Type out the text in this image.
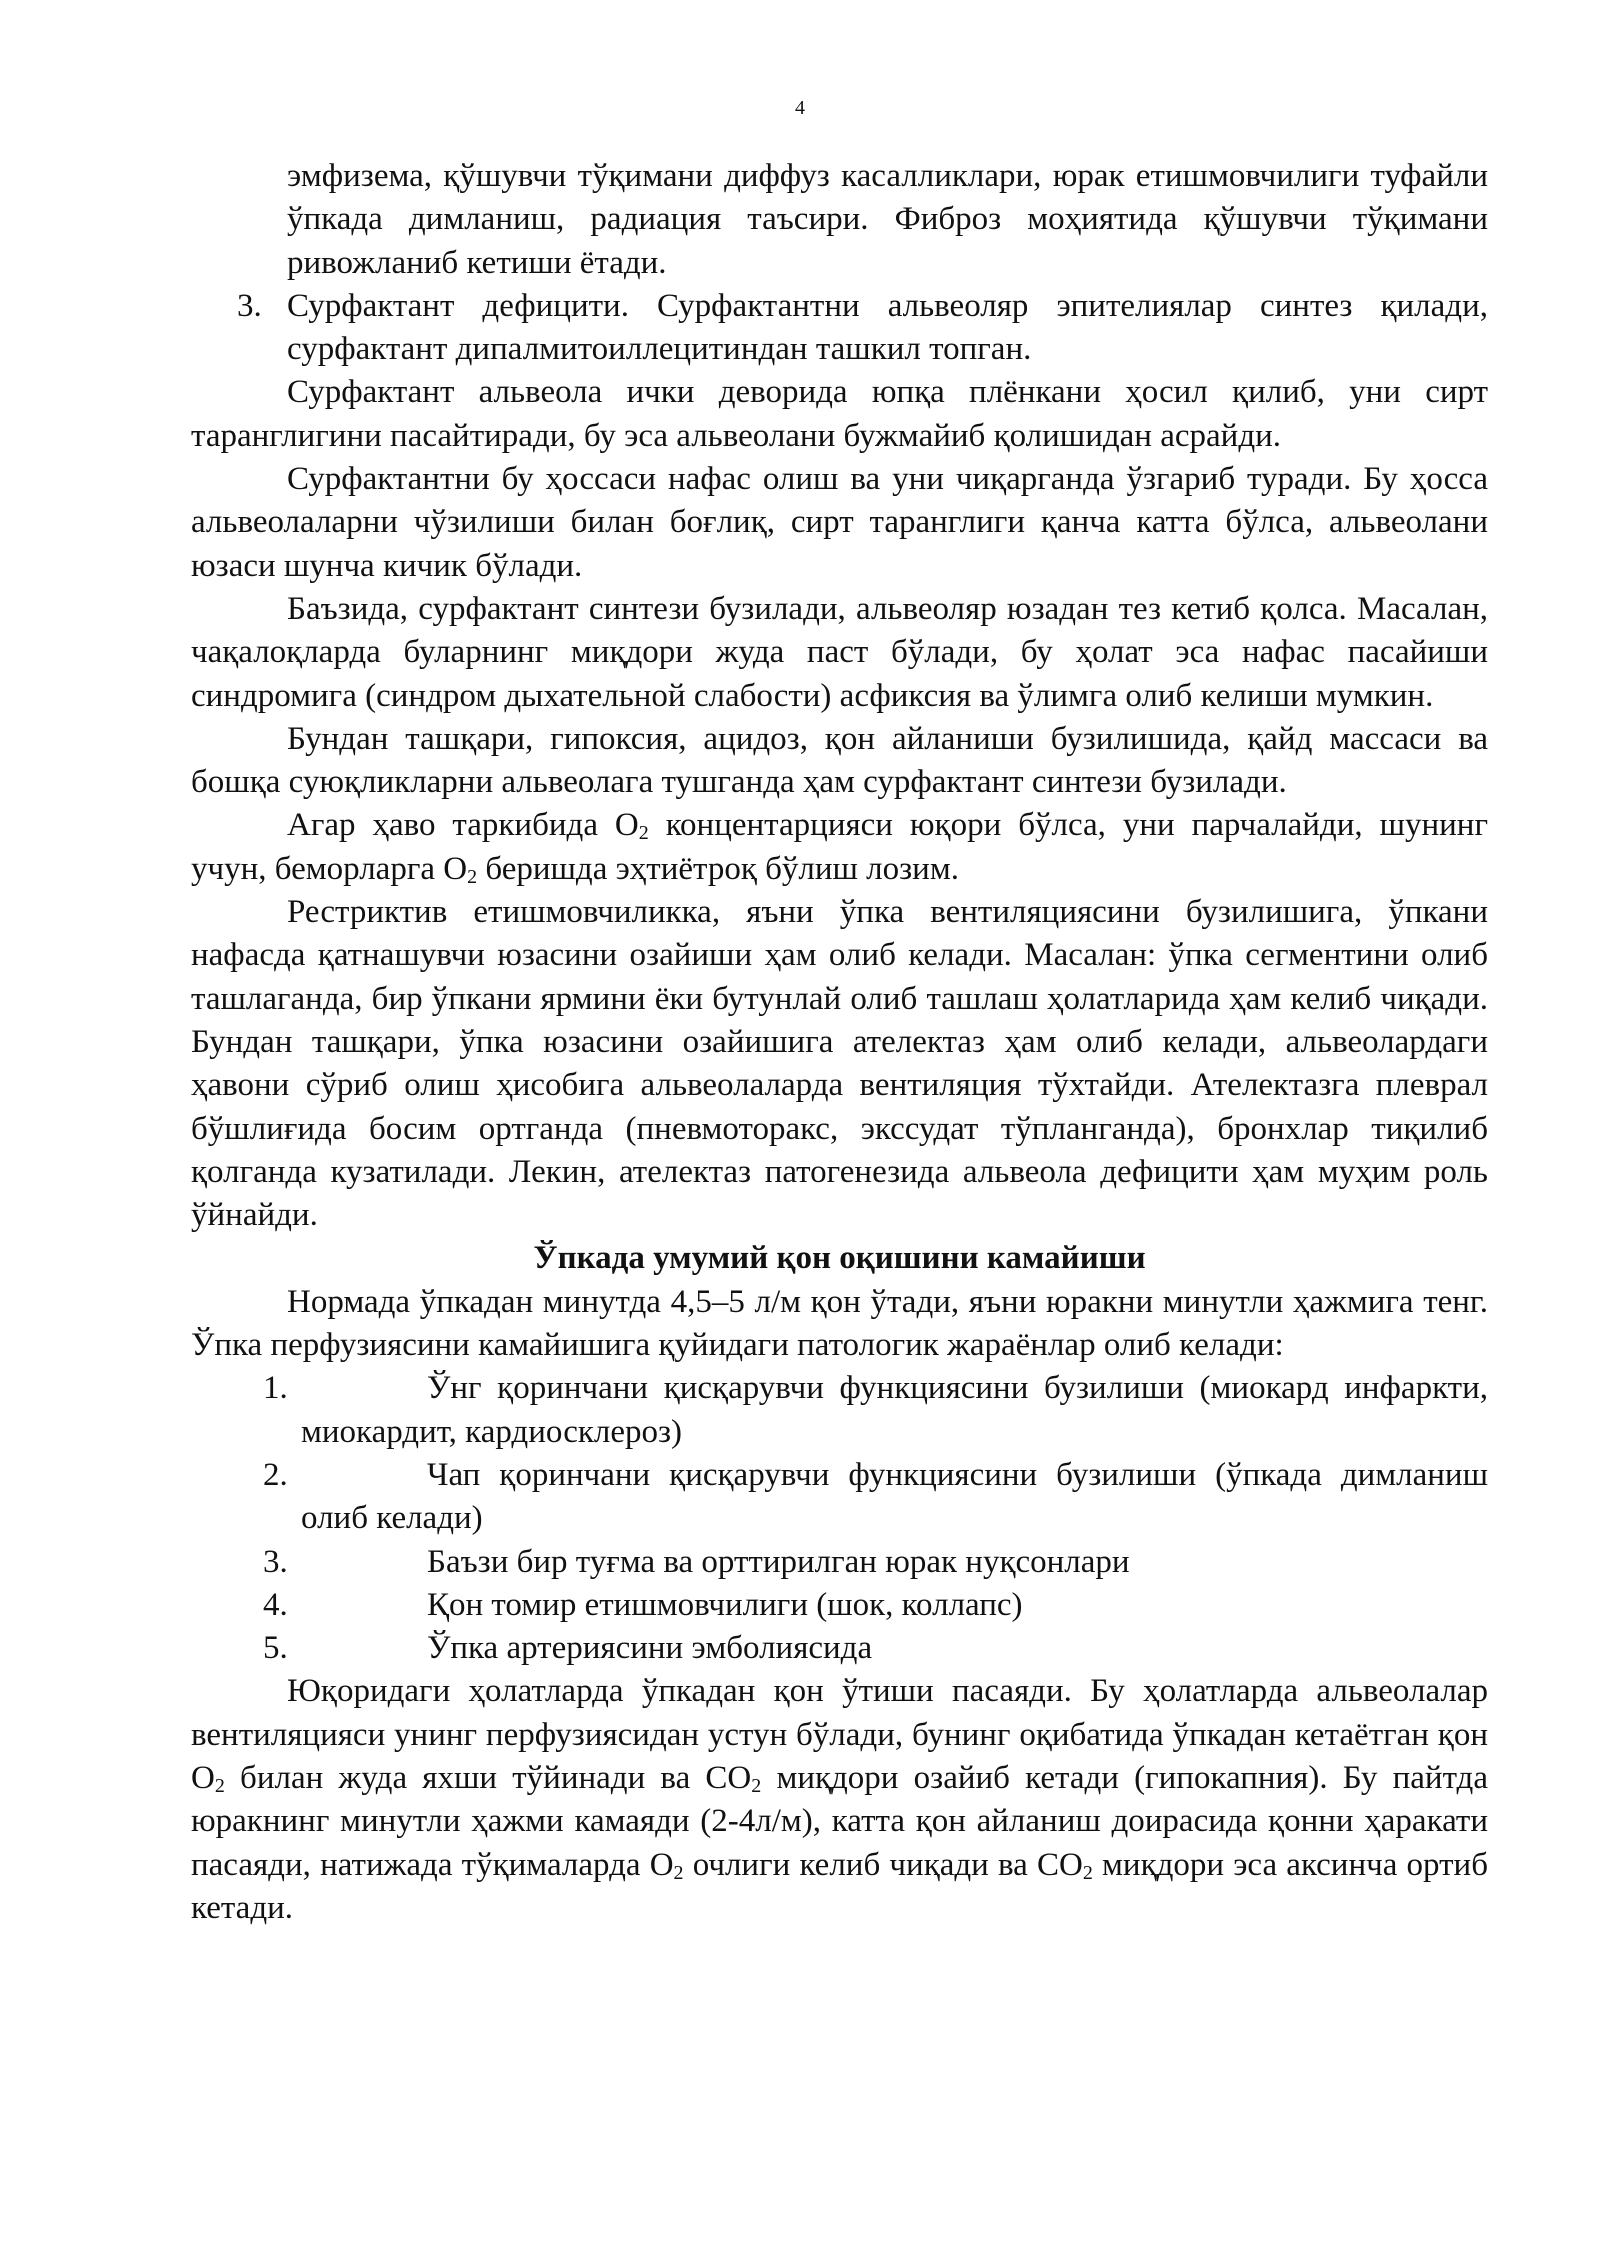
4

эмфизема, қўшувчи тўқимани диффуз касалликлари, юрак етишмовчилиги туфайли ўпкада димланиш, радиация таъсири. Фиброз моҳиятида қўшувчи тўқимани ривожланиб кетиши ётади.

3. Сурфактант дефицити. Сурфактантни альвеоляр эпителиялар синтез қилади, сурфактант дипалмитоиллецитиндан ташкил топган.

Сурфактант альвеола ички деворида юпқа плёнкани ҳосил қилиб, уни сирт таранглигини пасайтиради, бу эса альвеолани бужмайиб қолишидан асрайди.

Сурфактантни бу ҳоссаси нафас олиш ва уни чиқарганда ўзгариб туради. Бу ҳосса альвеолаларни чўзилиши билан боғлиқ, сирт таранглиги қанча катта бўлса, альвеолани юзаси шунча кичик бўлади.

Баъзида, сурфактант синтези бузилади, альвеоляр юзадан тез кетиб қолса. Масалан, чақалоқларда буларнинг миқдори жуда паст бўлади, бу ҳолат эса нафас пасайиши синдромига (синдром дыхательной слабости) асфиксия ва ўлимга олиб келиши мумкин.

Бундан ташқари, гипоксия, ацидоз, қон айланиши бузилишида, қайд массаси ва бошқа суюқликларни альвеолага тушганда ҳам сурфактант синтези бузилади.

Агар ҳаво таркибида $О_2$ концентарцияси юқори бўлса, уни парчалайди, шунинг учун, беморларга $О_2$ беришда эҳтиётроқ бўлиш лозим.

Рестриктив етишмовчиликка, яъни ўпка вентиляциясини бузилишига, ўпкани нафасда қатнашувчи юзасини озайиши ҳам олиб келади. Масалан: ўпка сегментини олиб ташлаганда, бир ўпкани ярмини ёки бутунлай олиб ташлаш ҳолатларида ҳам келиб чиқади. Бундан ташқари, ўпка юзасини озайишига ателектаз ҳам олиб келади, альвеолардаги ҳавони сўриб олиш ҳисобига альвеолаларда вентиляция тўхтайди. Ателектазга плеврал бўшлиғида босим ортганда (пневмоторакс, экссудат тўпланганда), бронхлар тиқилиб қолганда кузатилади. Лекин, ателектаз патогенезида альвеола дефицити ҳам муҳим роль ўйнайди.

Ўпкада умумий қон оқишини камайиши

Нормада ўпкадан минутда 4,5–5 л/м қон ўтади, яъни юракни минутли ҳажмига тенг. Ўпка перфузиясини камайишига қуйидаги патологик жараёнлар олиб келади:

1.	Ўнг қоринчани қисқарувчи функциясини бузилиши (миокард инфаркти, миокардит, кардиосклероз)
2.	Чап қоринчани қисқарувчи функциясини бузилиши (ўпкада димланиш олиб келади)
3.	Баъзи бир туғма ва орттирилган юрак нуқсонлари
4.	Қон томир етишмовчилиги (шок, коллапс)
5.	Ўпка артериясини эмболиясида

Юқоридаги ҳолатларда ўпкадан қон ўтиши пасаяди. Бу ҳолатларда альвеолалар вентиляцияси унинг перфузиясидан устун бўлади, бунинг оқибатида ўпкадан кетаётган қон $О_2$ билан жуда яхши тўйинади ва $СО_2$ миқдори озайиб кетади (гипокапния). Бу пайтда юракнинг минутли ҳажми камаяди (2-4л/м), катта қон айланиш доирасида қонни ҳаракати пасаяди, натижада тўқималарда $О_2$ очлиги келиб чиқади ва $СО_2$ миқдори эса аксинча ортиб кетади.
